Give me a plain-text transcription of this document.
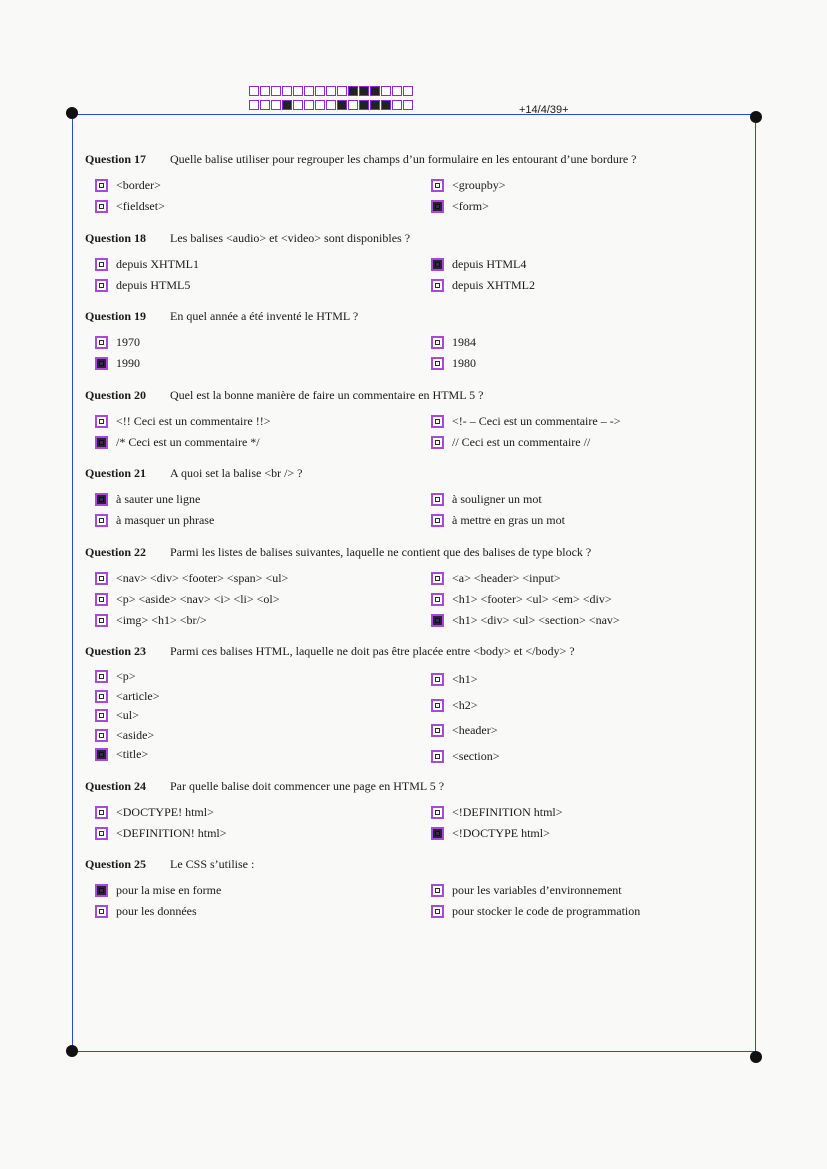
+14/4/39+
Question 17	Quelle balise utiliser pour regrouper les champs d’un formulaire en les entourant d’une bordure ?
<border>
<fieldset>
<groupby>
<form>
Question 18	Les balises <audio> et <video> sont disponibles ?
depuis XHTML1
depuis HTML5
depuis HTML4
depuis XHTML2
Question 19	En quel année a été inventé le HTML ?
1970
1990
1984
1980
Question 20	Quel est la bonne manière de faire un commentaire en HTML 5 ?
<!! Ceci est un commentaire !!>
/* Ceci est un commentaire */
<!- – Ceci est un commentaire – ->
// Ceci est un commentaire //
Question 21	A quoi set la balise <br /> ?
à sauter une ligne
à masquer un phrase
à souligner un mot
à mettre en gras un mot
Question 22	Parmi les listes de balises suivantes, laquelle ne contient que des balises de type block ?
<nav> <div> <footer> <span> <ul>
<p> <aside> <nav> <i> <li> <ol>
<img> <h1> <br/>
<a> <header> <input>
<h1> <footer> <ul> <em> <div>
<h1> <div> <ul> <section> <nav>
Question 23	Parmi ces balises HTML, laquelle ne doit pas être placée entre <body> et </body> ?
<p>
<article>
<ul>
<aside>
<title>
<h1>
<h2>
<header>
<section>
Question 24	Par quelle balise doit commencer une page en HTML 5 ?
<DOCTYPE! html>
<DEFINITION! html>
<!DEFINITION html>
<!DOCTYPE html>
Question 25	Le CSS s’utilise :
pour la mise en forme
pour les données
pour les variables d’environnement
pour stocker le code de programmation
